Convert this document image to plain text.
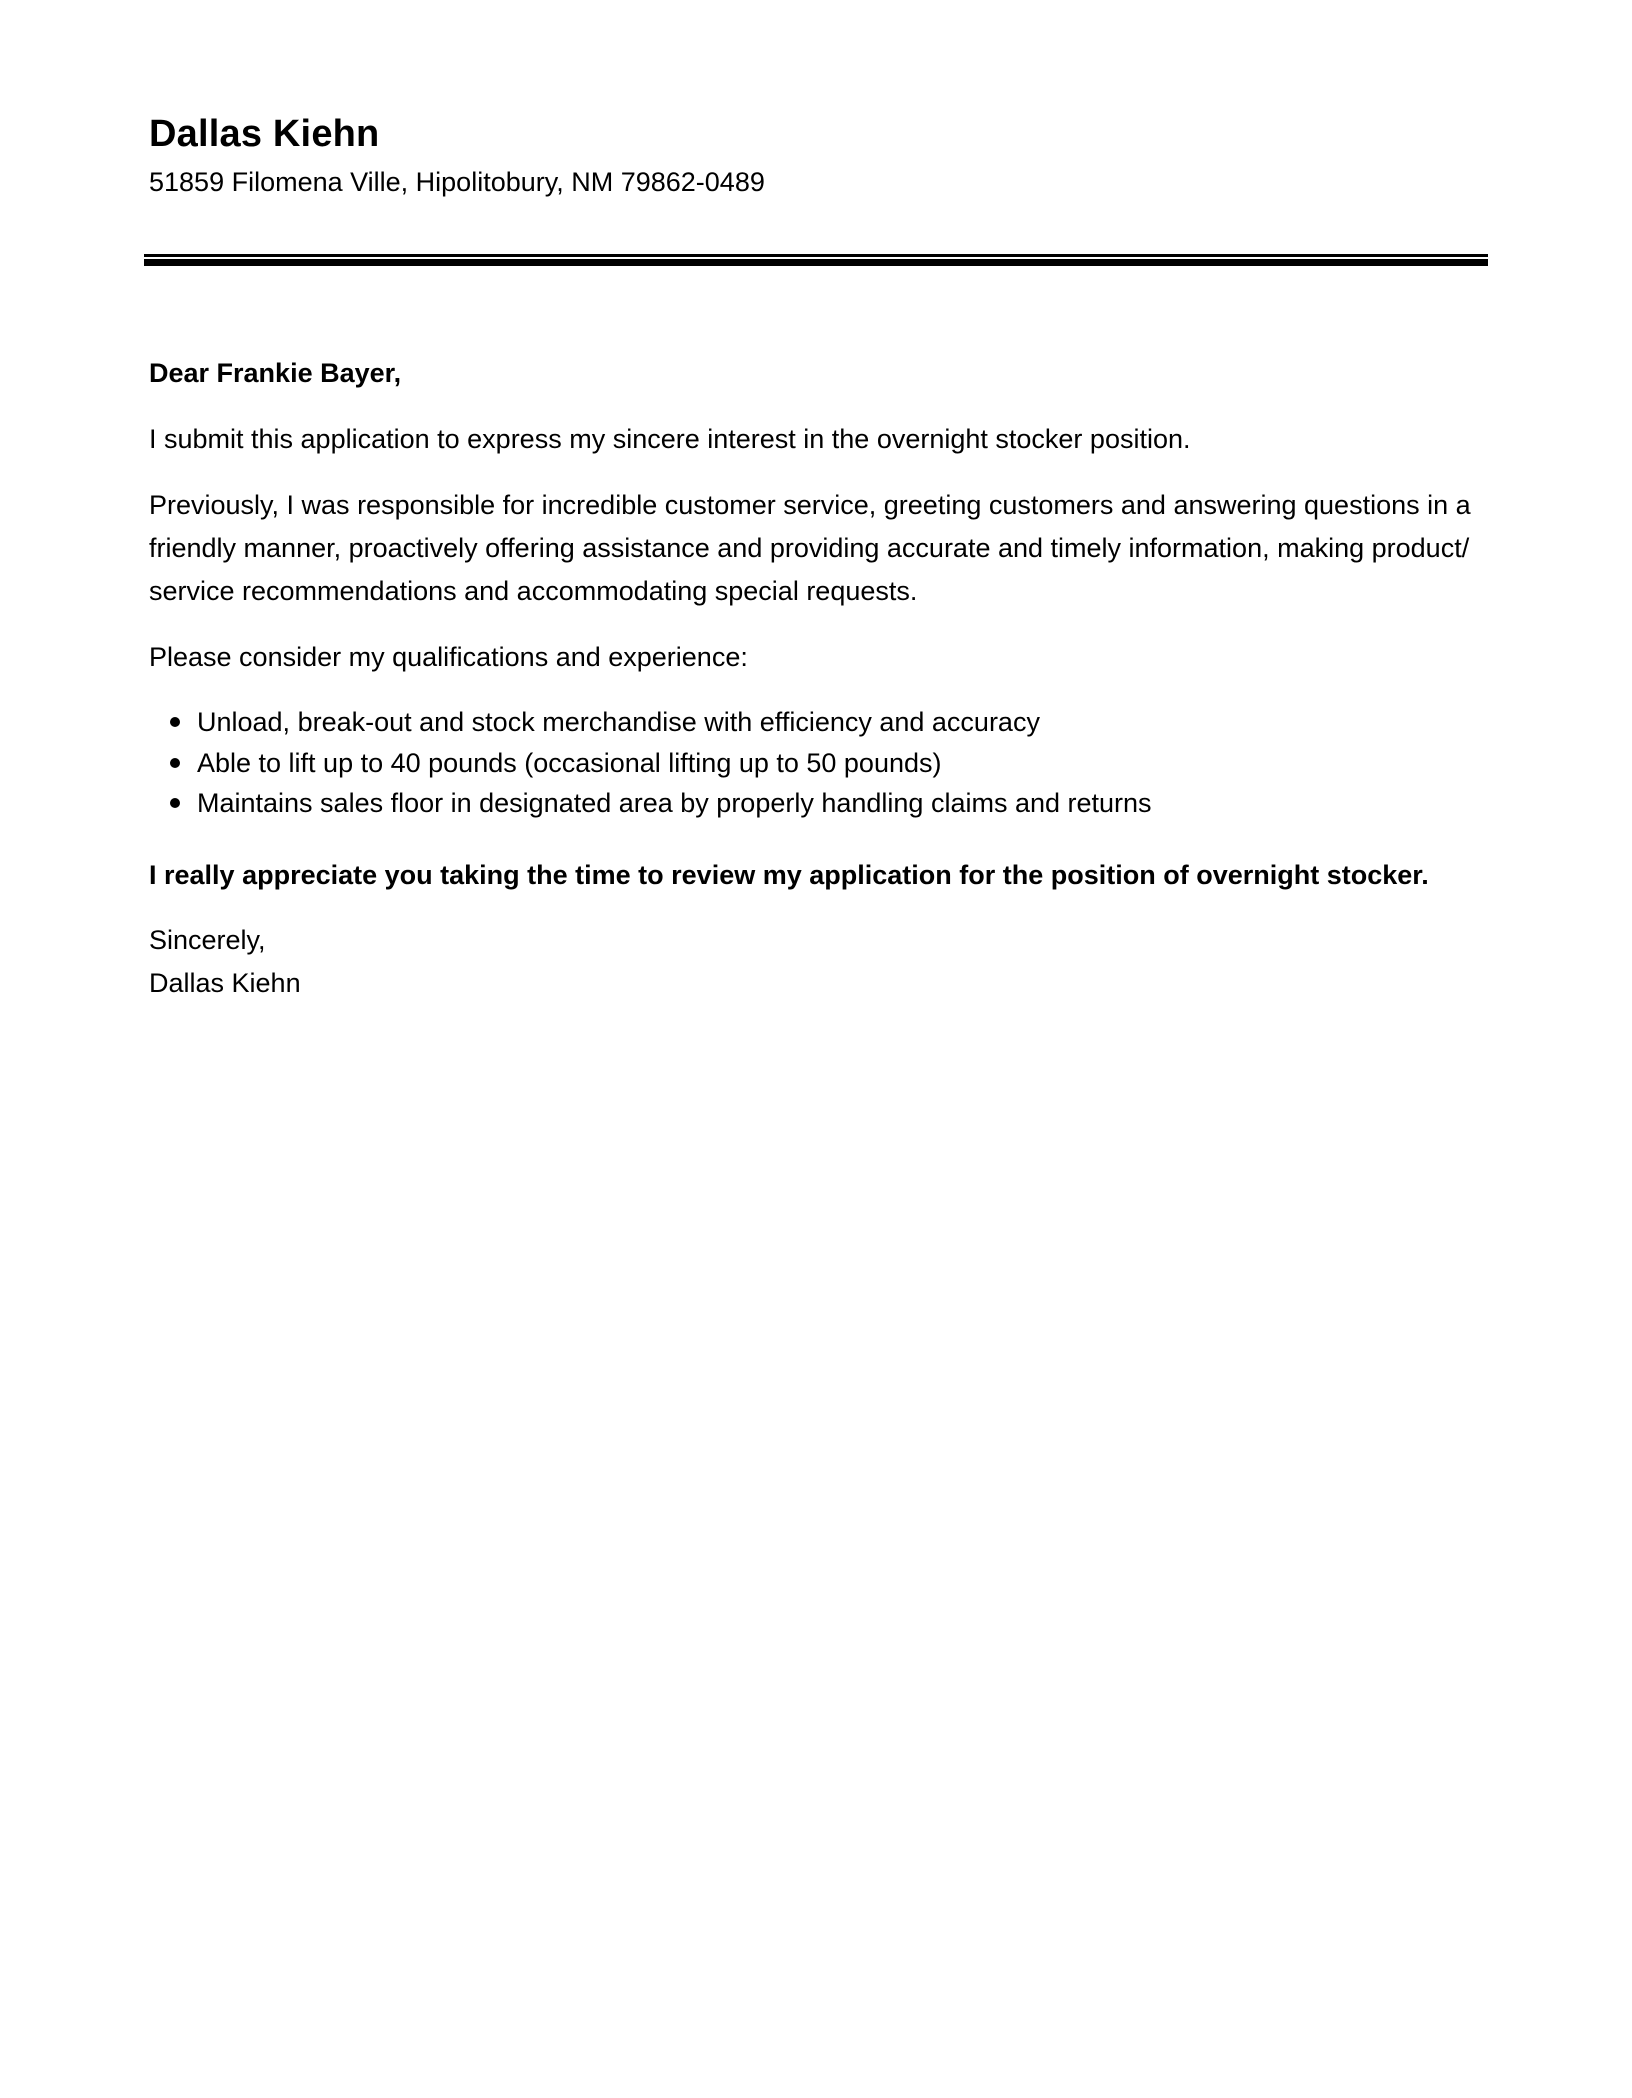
Dallas Kiehn

51859 Filomena Ville, Hipolitobury, NM 79862-0489

Dear Frankie Bayer,

I submit this application to express my sincere interest in the overnight stocker position.

Previously, I was responsible for incredible customer service, greeting customers and answering questions in a friendly manner, proactively offering assistance and providing accurate and timely information, making product/ service recommendations and accommodating special requests.

Please consider my qualifications and experience:

Unload, break-out and stock merchandise with efficiency and accuracy
Able to lift up to 40 pounds (occasional lifting up to 50 pounds)
Maintains sales floor in designated area by properly handling claims and returns

I really appreciate you taking the time to review my application for the position of overnight stocker.

Sincerely,

Dallas Kiehn
